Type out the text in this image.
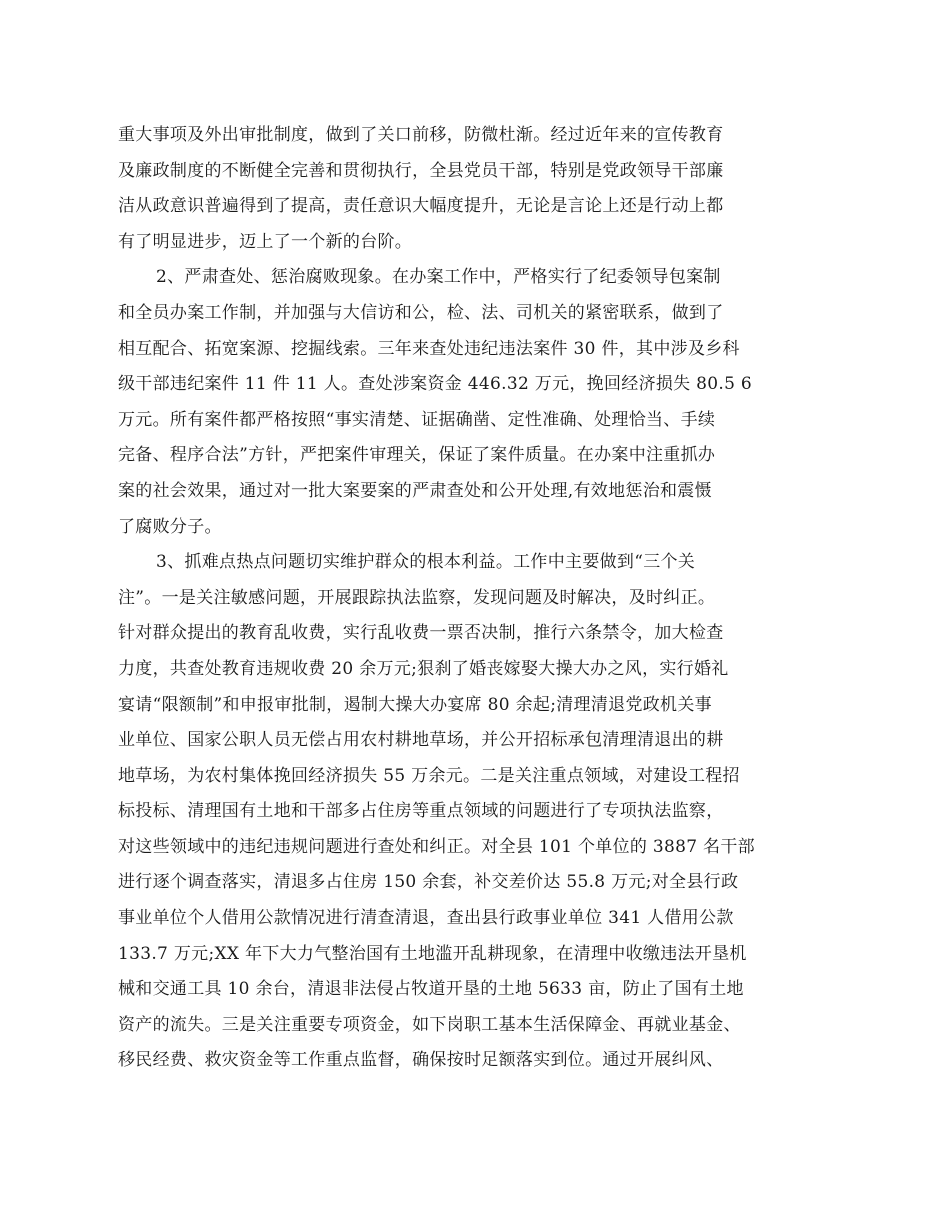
重大事项及外出审批制度，做到了关口前移，防微杜渐。经过近年来的宣传教育
及廉政制度的不断健全完善和贯彻执行，全县党员干部，特别是党政领导干部廉
洁从政意识普遍得到了提高，责任意识大幅度提升，无论是言论上还是行动上都
有了明显进步，迈上了一个新的台阶。
2、严肃查处、惩治腐败现象。在办案工作中，严格实行了纪委领导包案制
和全员办案工作制，并加强与大信访和公，检、法、司机关的紧密联系，做到了
相互配合、拓宽案源、挖掘线索。三年来查处违纪违法案件 30 件，其中涉及乡科
级干部违纪案件 11 件 11 人。查处涉案资金 446.32 万元，挽回经济损失 80.5 6
万元。所有案件都严格按照“事实清楚、证据确凿、定性准确、处理恰当、手续
完备、程序合法”方针，严把案件审理关，保证了案件质量。在办案中注重抓办
案的社会效果，通过对一批大案要案的严肃查处和公开处理,有效地惩治和震慑
了腐败分子。
3、抓难点热点问题切实维护群众的根本利益。工作中主要做到“三个关
注”。一是关注敏感问题，开展跟踪执法监察，发现问题及时解决，及时纠正。
针对群众提出的教育乱收费，实行乱收费一票否决制，推行六条禁令，加大检查
力度，共查处教育违规收费 20 余万元;狠刹了婚丧嫁娶大操大办之风，实行婚礼
宴请“限额制”和申报审批制，遏制大操大办宴席 80 余起;清理清退党政机关事
业单位、国家公职人员无偿占用农村耕地草场，并公开招标承包清理清退出的耕
地草场，为农村集体挽回经济损失 55 万余元。二是关注重点领域，对建设工程招
标投标、清理国有土地和干部多占住房等重点领域的问题进行了专项执法监察，
对这些领域中的违纪违规问题进行查处和纠正。对全县 101 个单位的 3887 名干部
进行逐个调查落实，清退多占住房 150 余套，补交差价达 55.8 万元;对全县行政
事业单位个人借用公款情况进行清查清退，查出县行政事业单位 341 人借用公款
133.7 万元;XX 年下大力气整治国有土地滥开乱耕现象，在清理中收缴违法开垦机
械和交通工具 10 余台，清退非法侵占牧道开垦的土地 5633 亩，防止了国有土地
资产的流失。三是关注重要专项资金，如下岗职工基本生活保障金、再就业基金、
移民经费、救灾资金等工作重点监督，确保按时足额落实到位。通过开展纠风、
